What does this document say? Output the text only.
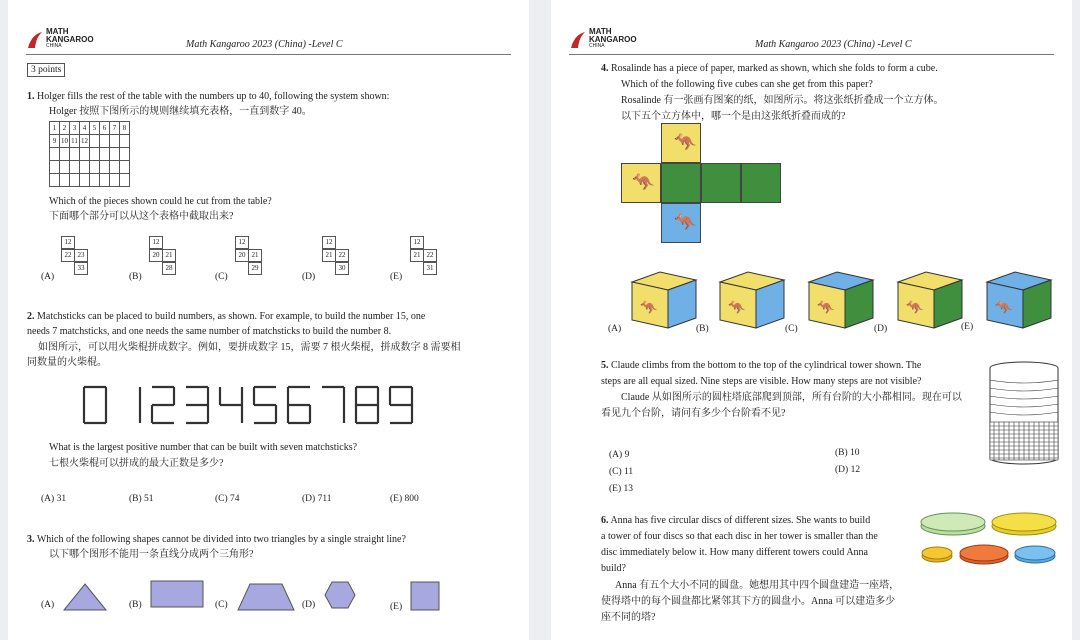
MATH
KANGAROO
CHINA	Math Kangaroo 2023 (China) -Level C
3 points
1. Holger fills the rest of the table with the numbers up to 40, following the system shown:
Holger 按照下图所示的规则继续填充表格，一直到数字 40。
1	2	3	4	5	6	7	8
9	10	11	12				

Which of the pieces shown could he cut from the table?
下面哪个部分可以从这个表格中截取出来?
(A)
12
22 23
33
(B)
12
20 21
28
(C)
12
20 21
29
(D)
12
21 22
30
(E)
12
21 22
31
2. Matchsticks can be placed to build numbers, as shown. For example, to build the number 15, one
needs 7 matchsticks, and one needs the same number of matchsticks to build the number 8.
如图所示，可以用火柴棍拼成数字。例如，要拼成数字 15，需要 7 根火柴棍，拼成数字 8 需要相
同数量的火柴棍。
What is the largest positive number that can be built with seven matchsticks?
七根火柴棍可以拼成的最大正数是多少?
(A) 31	(B) 51	(C) 74	(D) 711	(E) 800
3. Which of the following shapes cannot be divided into two triangles by a single straight line?
以下哪个图形不能用一条直线分成两个三角形?
(A)	(B)	(C)	(D)	(E)
MATH
KANGAROO
CHINA	Math Kangaroo 2023 (China) -Level C
4. Rosalinde has a piece of paper, marked as shown, which she folds to form a cube.
Which of the following five cubes can she get from this paper?
Rosalinde 有一张画有图案的纸，如图所示。将这张纸折叠成一个立方体。
以下五个立方体中，哪一个是由这张纸折叠而成的?
🦘
🦘
🦘
(A)
🦘
(B)
🦘
(C)
🦘
(D)
🦘
(E)
🦘
5. Claude climbs from the bottom to the top of the cylindrical tower shown. The
steps are all equal sized. Nine steps are visible. How many steps are not visible?
Claude 从如图所示的圆柱塔底部爬到顶部，所有台阶的大小都相同。现在可以
看见九个台阶，请问有多少个台阶看不见?
(A) 9	(B) 10
(C) 11	(D) 12
(E) 13
6. Anna has five circular discs of different sizes. She wants to build
a tower of four discs so that each disc in her tower is smaller than the
disc immediately below it. How many different towers could Anna
build?
Anna 有五个大小不同的圆盘。她想用其中四个圆盘建造一座塔，
使得塔中的每个圆盘都比紧邻其下方的圆盘小。Anna 可以建造多少
座不同的塔?
